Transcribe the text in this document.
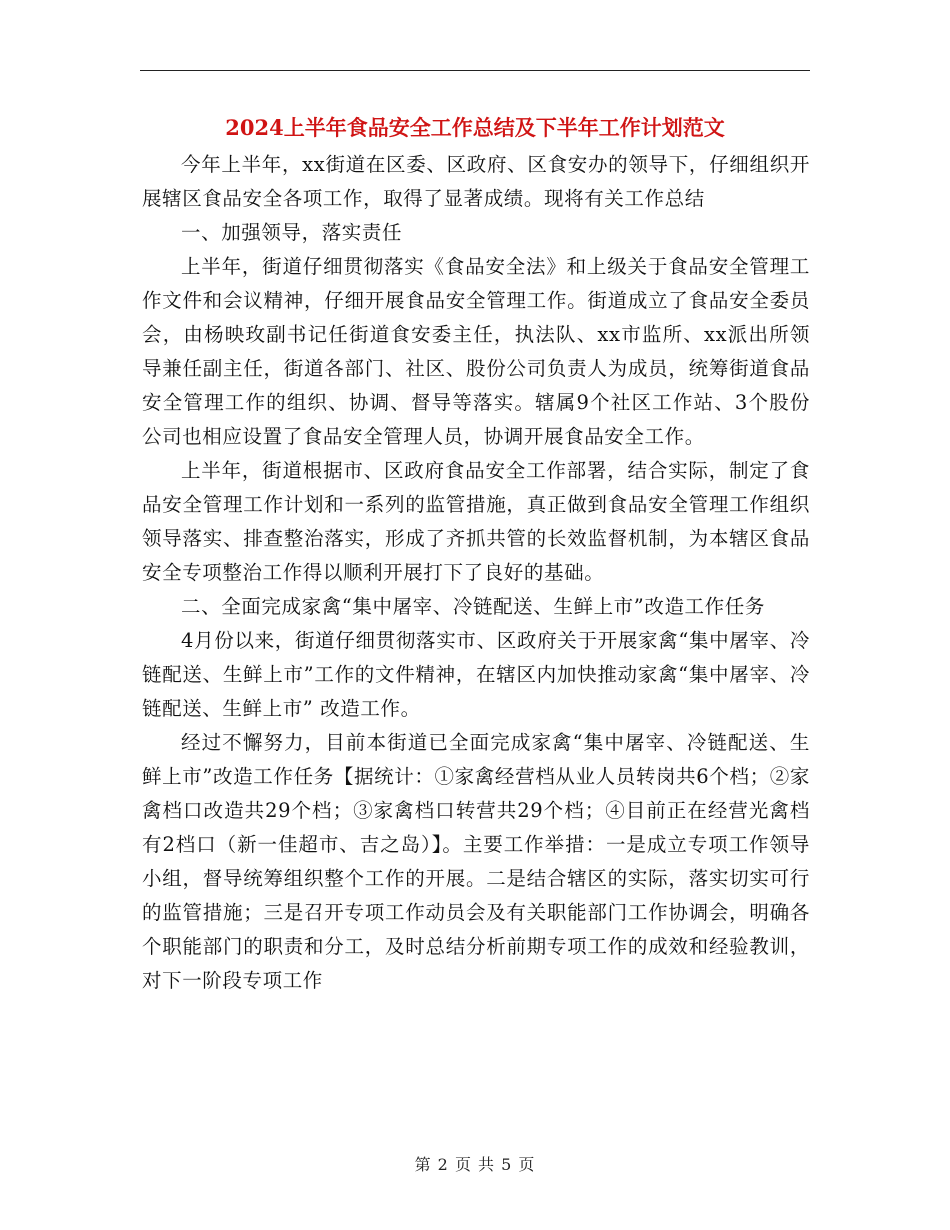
2024上半年食品安全工作总结及下半年工作计划范文

今年上半年，xx街道在区委、区政府、区食安办的领导下，仔细组织开展辖区食品安全各项工作，取得了显著成绩。现将有关工作总结

一、加强领导，落实责任

上半年，街道仔细贯彻落实《食品安全法》和上级关于食品安全管理工作文件和会议精神，仔细开展食品安全管理工作。街道成立了食品安全委员会，由杨映玫副书记任街道食安委主任，执法队、xx市监所、xx派出所领导兼任副主任，街道各部门、社区、股份公司负责人为成员，统筹街道食品安全管理工作的组织、协调、督导等落实。辖属9个社区工作站、3个股份公司也相应设置了食品安全管理人员，协调开展食品安全工作。

上半年，街道根据市、区政府食品安全工作部署，结合实际，制定了食品安全管理工作计划和一系列的监管措施，真正做到食品安全管理工作组织领导落实、排查整治落实，形成了齐抓共管的长效监督机制，为本辖区食品安全专项整治工作得以顺利开展打下了良好的基础。

二、全面完成家禽“集中屠宰、冷链配送、生鲜上市”改造工作任务

4月份以来，街道仔细贯彻落实市、区政府关于开展家禽“集中屠宰、冷链配送、生鲜上市”工作的文件精神，在辖区内加快推动家禽“集中屠宰、冷链配送、生鲜上市” 改造工作。

经过不懈努力，目前本街道已全面完成家禽“集中屠宰、冷链配送、生鲜上市”改造工作任务【据统计：①家禽经营档从业人员转岗共6个档；②家禽档口改造共29个档；③家禽档口转营共29个档；④目前正在经营光禽档有2档口（新一佳超市、吉之岛）】。主要工作举措：一是成立专项工作领导小组，督导统筹组织整个工作的开展。二是结合辖区的实际，落实切实可行的监管措施；三是召开专项工作动员会及有关职能部门工作协调会，明确各个职能部门的职责和分工，及时总结分析前期专项工作的成效和经验教训，对下一阶段专项工作

第 2 页 共 5 页
